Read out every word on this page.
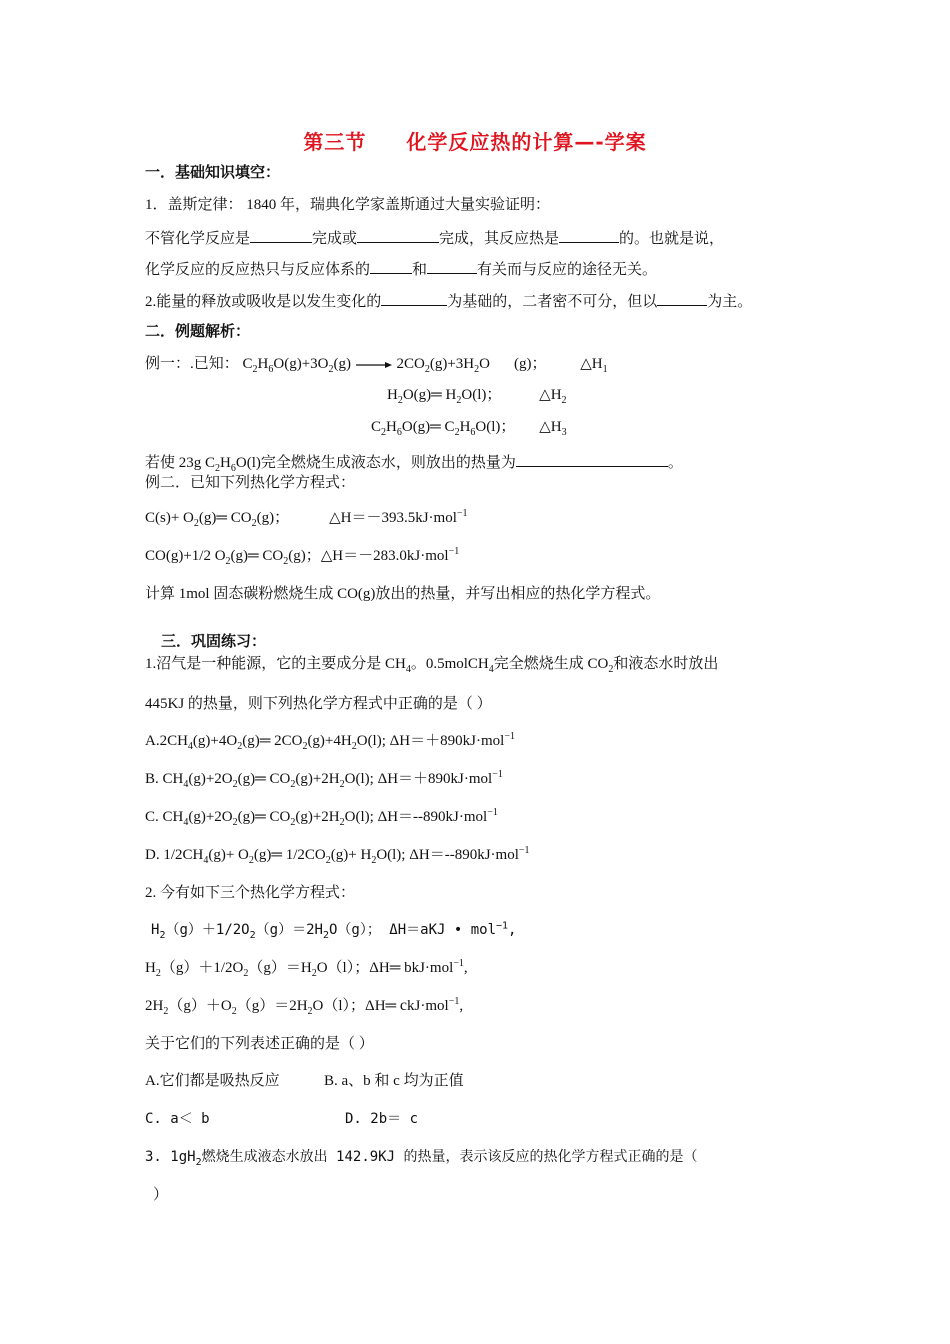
第三节 化学反应热的计算—-学案
一．基础知识填空：
1．盖斯定律： 1840 年，瑞典化学家盖斯通过大量实验证明：
不管化学反应是	完成或	完成，其反应热是	的。也就是说，
化学反应的反应热只与反应体系的	和	有关而与反应的途径无关。
2.能量的释放或吸收是以发生变化的	为基础的，二者密不可分，但以	为主。
二．例题解析：
例一：.已知： $C_2H_6O(g)+3O_2(g) \to 2CO_2(g)+3H_2O$ (g)； $\triangle H_1$
$H_2O(g)═$ $H_2O(l)$； $\triangle H_2$
$C_2H_6O(g)═$ $C_2H_6O(l)$； $\triangle H_3$
若使 23g $C_2H_6O(l)$完全燃烧生成液态水，则放出的热量为	。
例二．已知下列热化学方程式：
$C(s)+ O_2(g)═$ $CO_2(g)$；	△H＝－393.5kJ·mol$^{-1}$
CO(g)+1/2 $O_2(g)═$ $CO_2(g)$；△H＝－283.0kJ·mol$^{-1}$
计算 1mol 固态碳粉燃烧生成 CO(g)放出的热量，并写出相应的热化学方程式。
三．巩固练习：
1.沼气是一种能源，它的主要成分是 $CH_4$。0.5molCH$_4$完全燃烧生成 $CO_2$和液态水时放出
445KJ 的热量，则下列热化学方程式中正确的是（ ）
$A.2CH_4(g)+4O_2(g)═$ $2CO_2(g)+4H_2O(l)$; ΔH＝＋890kJ·mol$^{-1}$
B. $CH_4(g)+2O_2(g)═$ $CO_2(g)+2H_2O(l)$; ΔH＝＋890kJ·mol$^{-1}$
C. $CH_4(g)+2O_2(g)═$ $CO_2(g)+2H_2O(l)$; ΔH＝--890kJ·mol$^{-1}$
D. $1/2CH_4(g)+$ $O_2(g)═$ $1/2CO_2(g)+ H_2O(l)$; ΔH＝--890kJ·mol$^{-1}$
2. 今有如下三个热化学方程式：
$H_2(g)+1/2O_2(g)=2H_2O(g)$； ΔH＝aKJ • mol$^{-1}$,
$H_2(g)+1/2O_2(g)=H_2O(l)$；ΔH═ bkJ·mol$^{-1}$,
$2H_2(g)+O_2(g)=2H_2O(l)$；ΔH═ ckJ·mol$^{-1}$,
关于它们的下列表述正确的是（ ）
A.它们都是吸热反应	B. a、b 和 c 均为正值
C. a＜ b	D. 2b＝ c
3. $1gH_2$燃烧生成液态水放出 142.9KJ 的热量，表示该反应的热化学方程式正确的是（
）
